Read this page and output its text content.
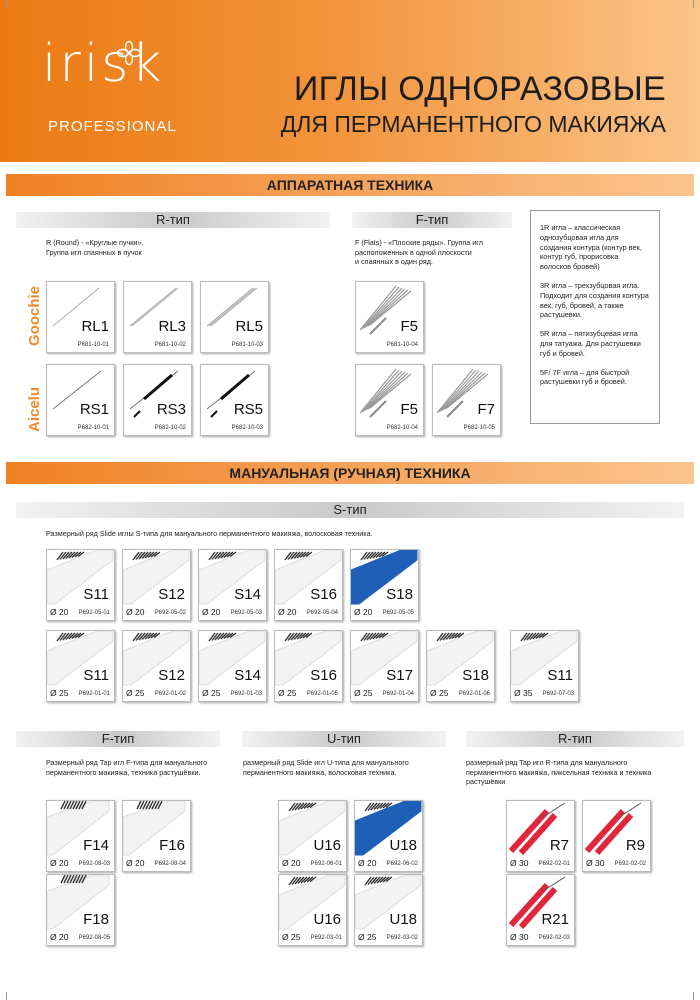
irisk
PROFESSIONAL
ИГЛЫ ОДНОРАЗОВЫЕ
ДЛЯ ПЕРМАНЕНТНОГО МАКИЯЖА
АППАРАТНАЯ ТЕХНИКА
R-тип
R (Round) - «Круглые пучки».
Группа игл спаянных в пучок
F-тип
F (Flats) - «Плоские ряды». Группа игл
расположенных в одной плоскости
и спаянных в один ряд.
Goochie
Aicelu

1R игла – классическая однозубцовая игла для создания контура (контур век, контур губ, прорисовка волосков бровей)

3R игла – трехзубцовая игла. Подходит для создания контура век, губ, бровей, а также растушевки.

5R игла – пятизубцевая игла для татуажа. Для растушевки губ и бровей.

5F/ 7F игла – для быстрой растушевки губ и бровей.

МАНУАЛЬНАЯ (РУЧНАЯ) ТЕХНИКА
S-тип
Размерный ряд Slide иглы S-типа для мануального перманентного макияжа, волосковая техника.
F-тип
Размерный ряд Tap игл F-типа для мануального перманентного макияжа, техника растушёвки.
U-тип
размерный ряд Slide игл U-типа для мануального перманентного макияжа, волосковая техника.
R-тип
размерный ряд Tap игл R-типа для мануального перманентного макияжа, пиксельная техника и техника растушёвки
RL1
P681-10-01
RL3
P681-10-02
RL5
P681-10-03
F5
P681-10-04
RS1
P682-10-01
RS3
P682-10-02
RS5
P682-10-03
F5
P682-10-04
F7
P682-10-05
S11
Ø 20 P692-05-01
S12
Ø 20 P692-05-02
S14
Ø 20 P692-05-03
S16
Ø 20 P692-05-04
S18
Ø 20 P692-05-05
S11
Ø 25 P692-01-01
S12
Ø 25 P692-01-02
S14
Ø 25 P692-01-03
S16
Ø 25 P692-01-05
S17
Ø 25 P692-01-04
S18
Ø 25 P692-01-06
S11
Ø 35 P692-07-03
F14
Ø 20 P692-08-03
F16
Ø 20 P692-08-04
F18
Ø 20 P692-08-05
U16
Ø 20 P692-06-01
U18
Ø 20 P692-06-02
U16
Ø 25 P692-03-01
U18
Ø 25 P692-03-02
R7
Ø 30 P692-02-01
R9
Ø 30 P692-02-02
R21
Ø 30 P692-02-03
